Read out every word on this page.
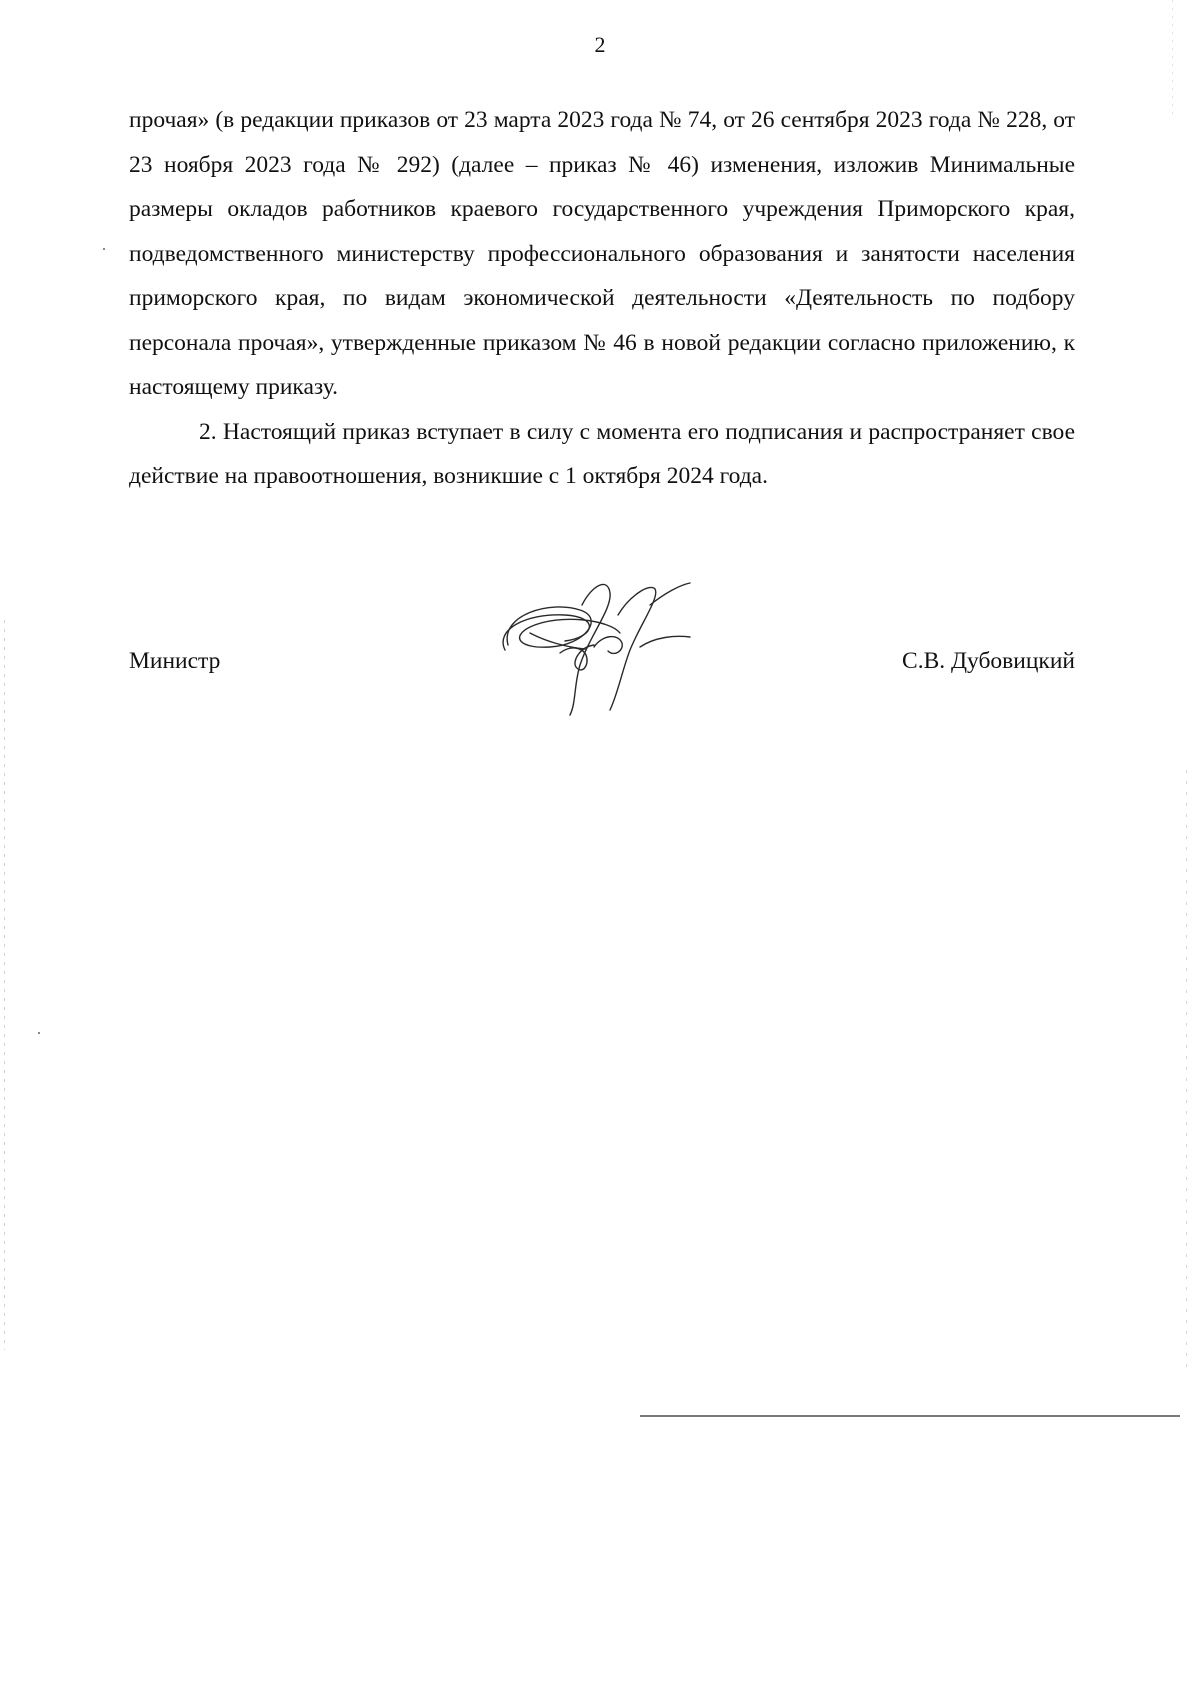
2

прочая» (в редакции приказов от 23 марта 2023 года № 74, от 26 сентября 2023 года № 228, от 23 ноября 2023 года № 292) (далее – приказ № 46) изменения, изложив Минимальные размеры окладов работников краевого государственного учреждения Приморского края, подведомственного министерству профессионального образования и занятости населения приморского края, по видам экономической деятельности «Деятельность по подбору персонала прочая», утвержденные приказом № 46 в новой редакции согласно приложению, к настоящему приказу.

2. Настоящий приказ вступает в силу с момента его подписания и распространяет свое действие на правоотношения, возникшие с 1 октября 2024 года.

Министр	С.В. Дубовицкий
